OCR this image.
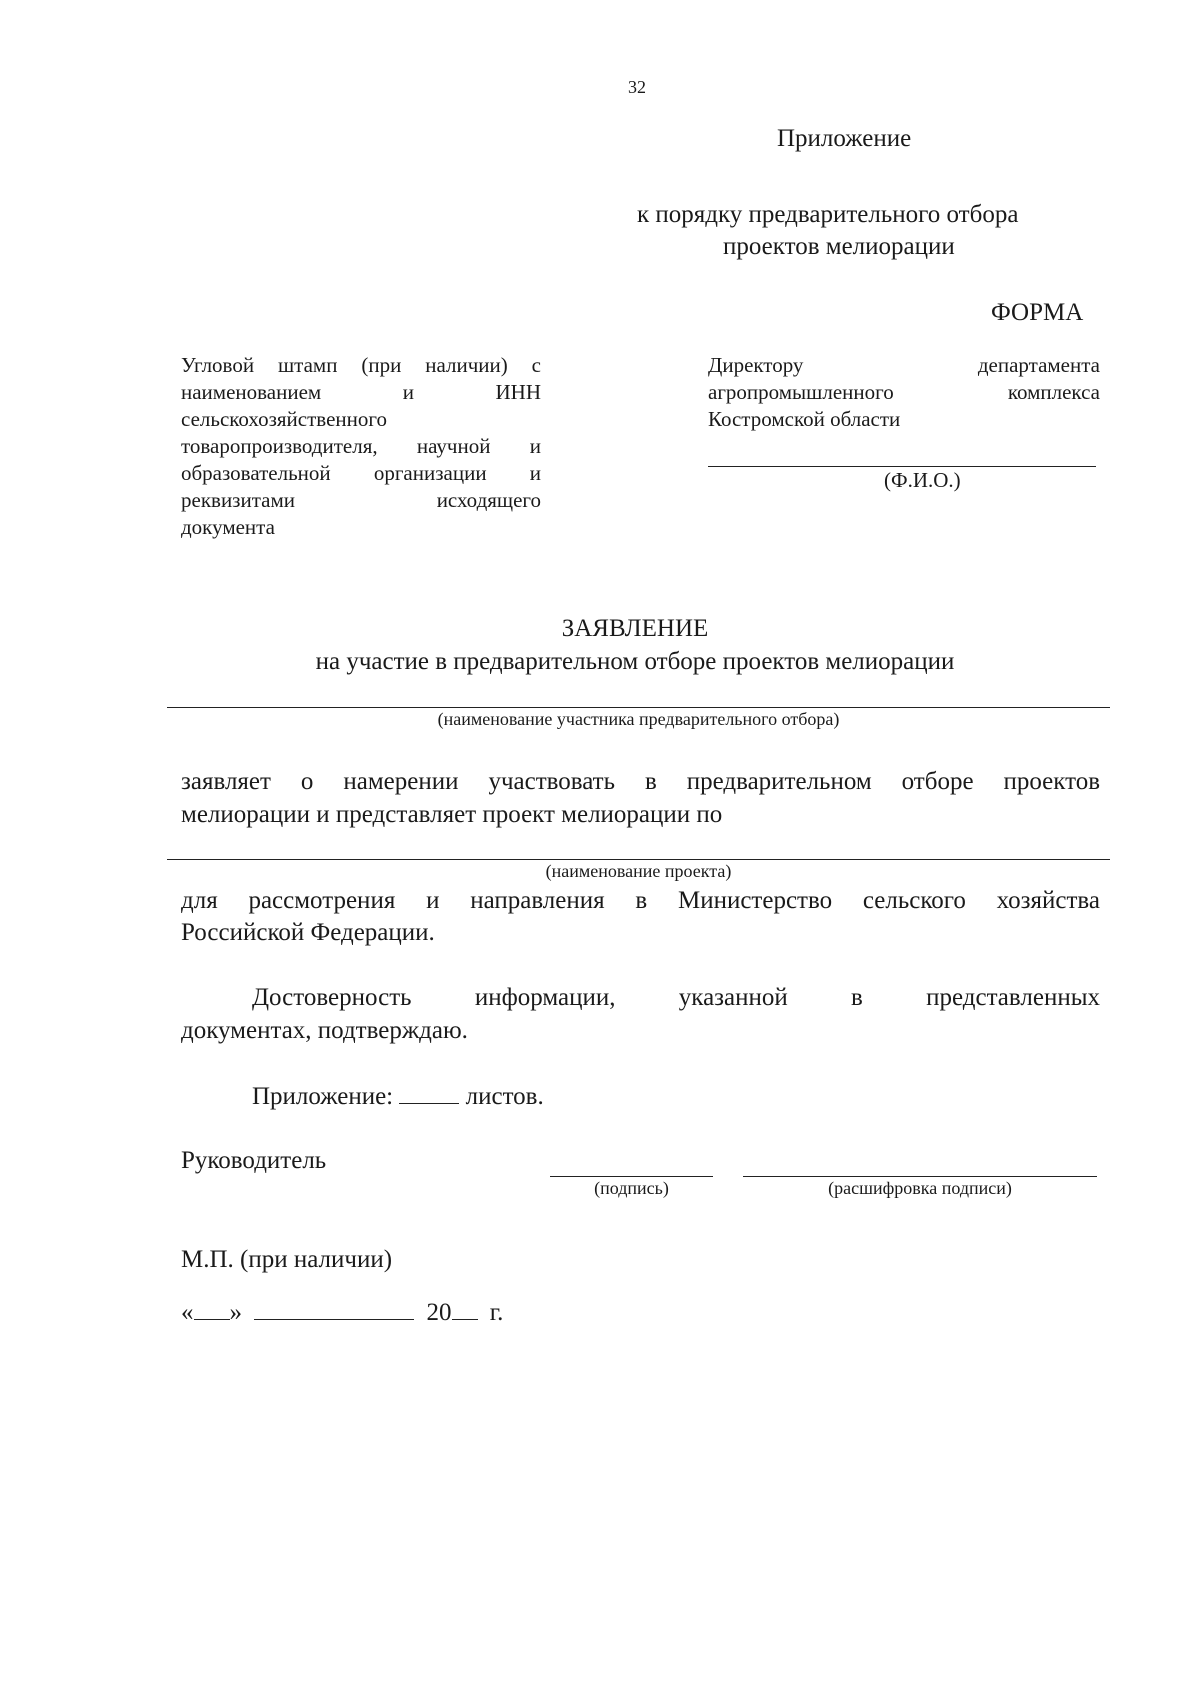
32
Приложение
к порядку предварительного отбора
проектов мелиорации
ФОРМА
Угловой штамп (при наличии) с
наименованием и ИНН
сельскохозяйственного
товаропроизводителя, научной и
образовательной организации и
реквизитами исходящего
документа
Директору департамента
агропромышленного комплекса
Костромской области
(Ф.И.О.)
ЗАЯВЛЕНИЕ
на участие в предварительном отборе проектов мелиорации
(наименование участника предварительного отбора)
заявляет о намерении участвовать в предварительном отборе проектов
мелиорации и представляет проект мелиорации по
(наименование проекта)
для рассмотрения и направления в Министерство сельского хозяйства
Российской Федерации.
Достоверность информации, указанной в представленных
документах, подтверждаю.
Приложение:	листов.
Руководитель
(подпись)	(расшифровка подписи)
М.П. (при наличии)
« »	20 г.
